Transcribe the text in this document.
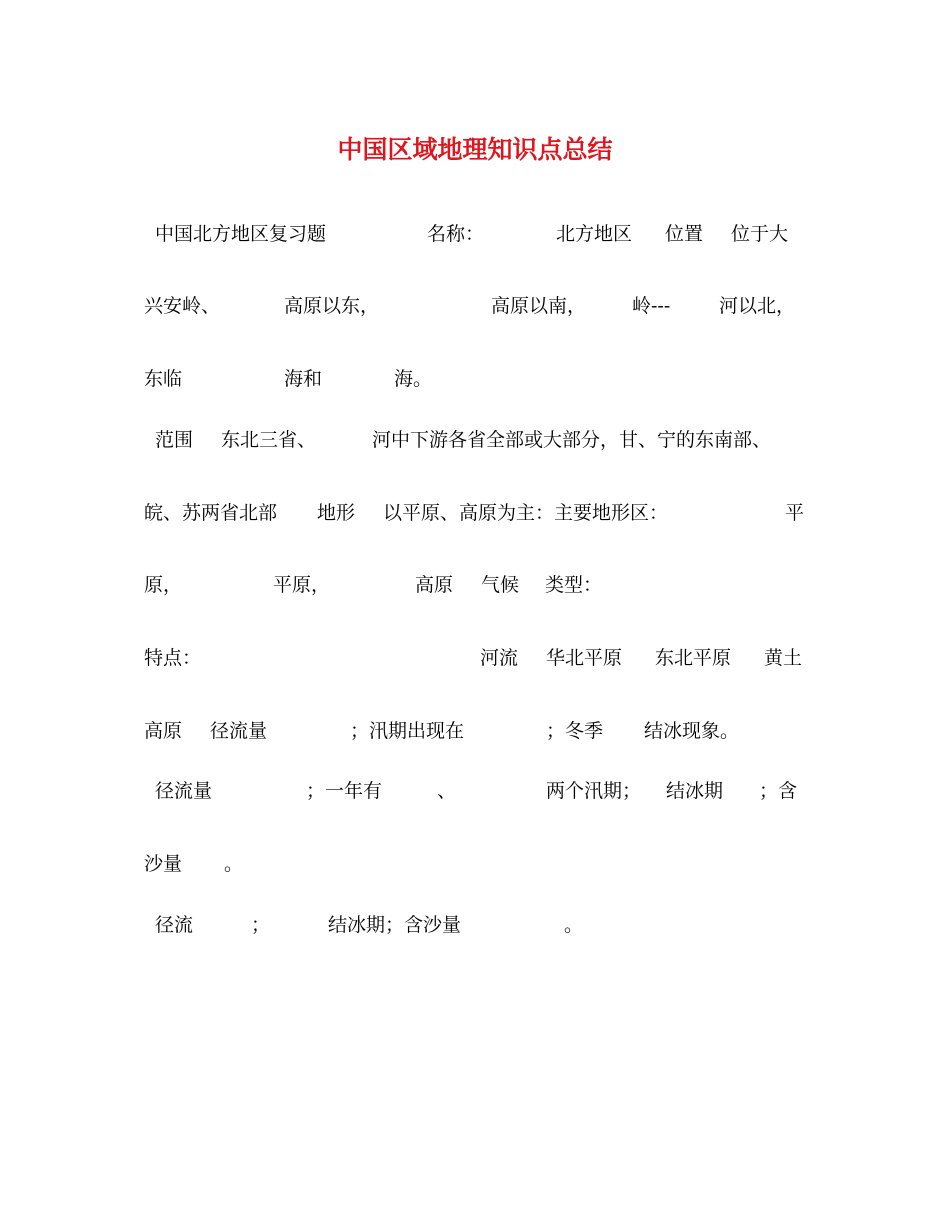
中国区域地理知识点总结
中国北方地区复习题	名称：	北方地区 位置 位于大
兴安岭、	高原以东，	高原以南， 岭---	河以北，
东临	海和	海。
范围 东北三省、	河中下游各省全部或大部分，甘、宁的东南部、
皖、苏两省北部 地形 以平原、高原为主：主要地形区：	平
原，	平原，	高原 气候 类型：
特点：	河流 华北平原 东北平原 黄土
高原 径流量	；汛期出现在	；冬季 结冰现象。
径流量	；一年有	、	两个汛期； 结冰期 ；含
沙量 。
径流	；	结冰期；含沙量	。
